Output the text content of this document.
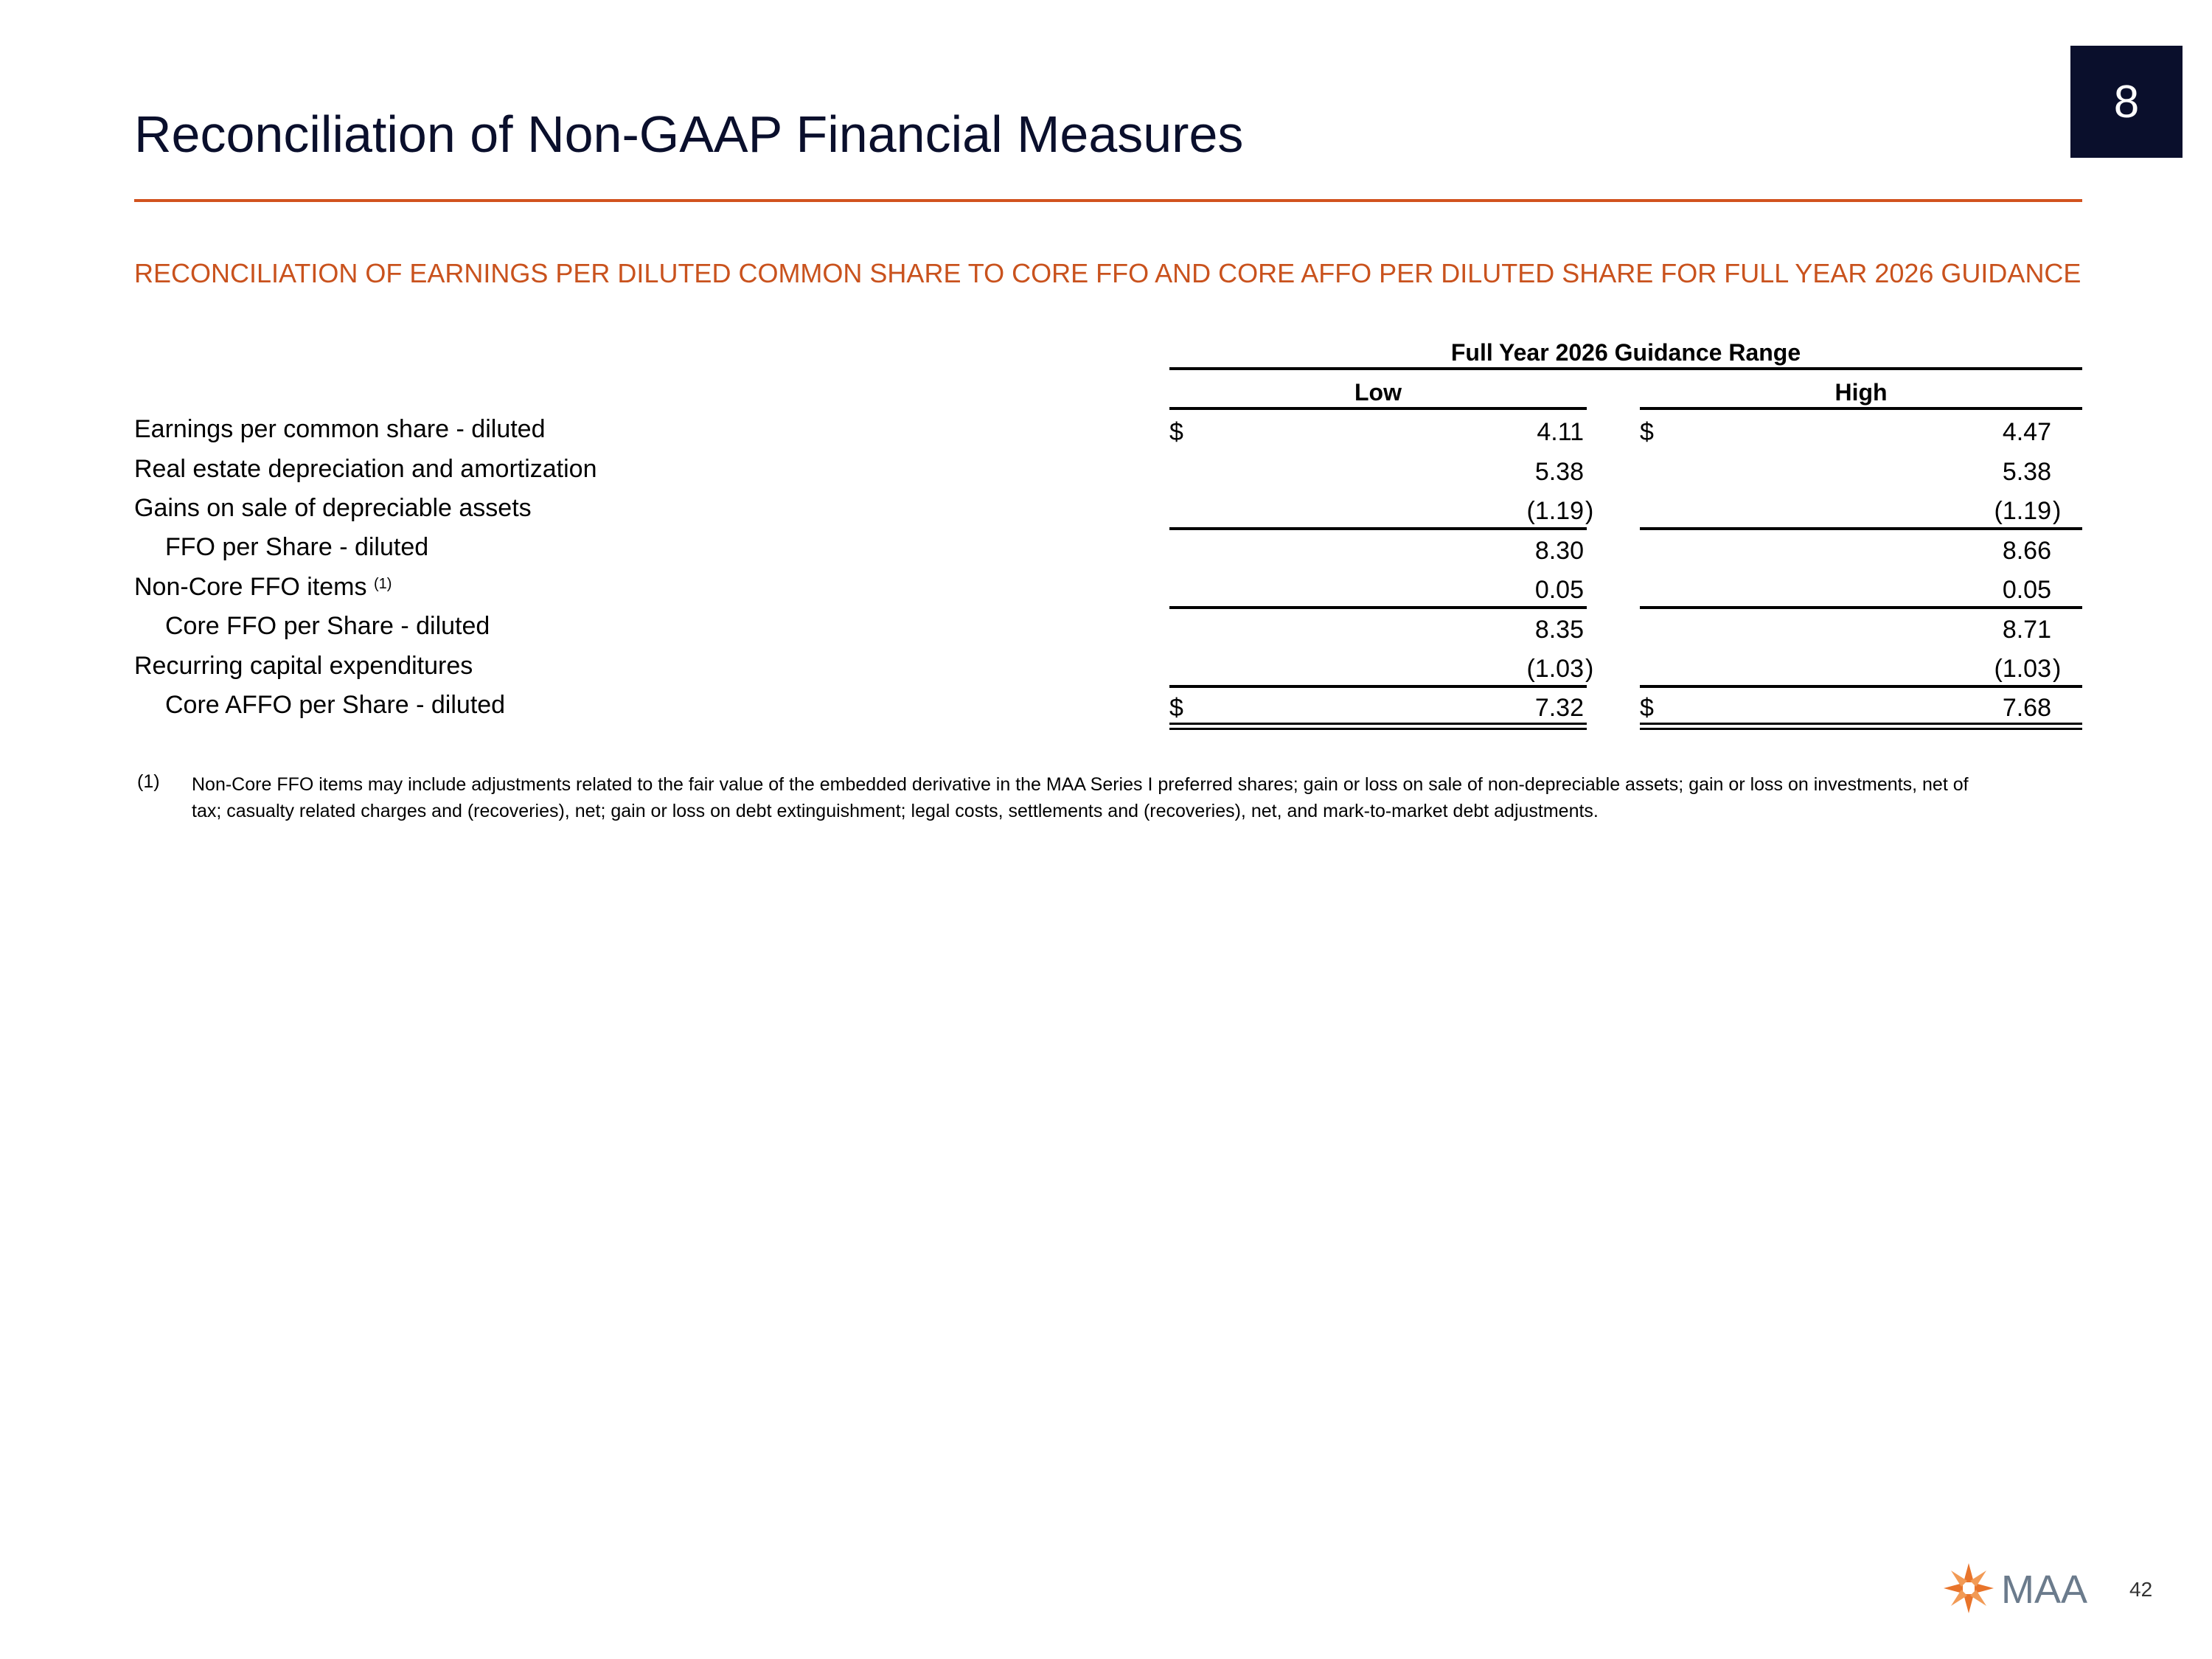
8
Reconciliation of Non-GAAP Financial Measures
RECONCILIATION OF EARNINGS PER DILUTED COMMON SHARE TO CORE FFO AND CORE AFFO PER DILUTED SHARE FOR FULL YEAR 2026 GUIDANCE
Full Year 2026 Guidance Range
Low	High
Earnings per common share - diluted	$	4.11 $	4.47
Real estate depreciation and amortization	5.38	5.38
Gains on sale of depreciable assets	(1.19 )	(1.19 )
FFO per Share - diluted	8.30	8.66
Non-Core FFO items $^{(1)}$	0.05	0.05
Core FFO per Share - diluted	8.35	8.71
Recurring capital expenditures	(1.03 )	(1.03 )
Core AFFO per Share - diluted	$	7.32 $	7.68
(1) Non-Core FFO items may include adjustments related to the fair value of the embedded derivative in the MAA Series I preferred shares; gain or loss on sale of non-depreciable assets; gain or loss on investments, net of tax; casualty related charges and (recoveries), net; gain or loss on debt extinguishment; legal costs, settlements and (recoveries), net, and mark-to-market debt adjustments.
MAA 42
